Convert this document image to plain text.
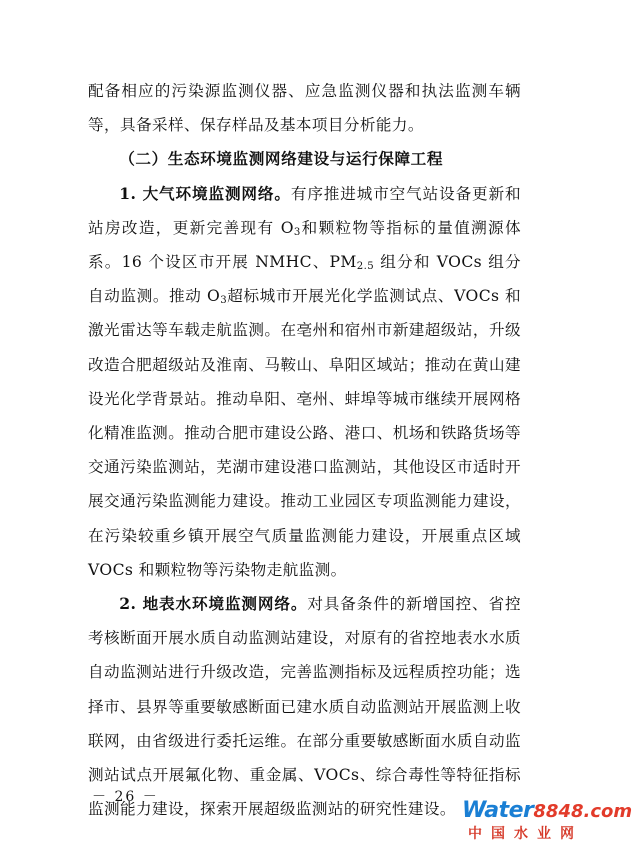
配备相应的污染源监测仪器、应急监测仪器和执法监测车辆等，具备采样、保存样品及基本项目分析能力。

（二）生态环境监测网络建设与运行保障工程

1. 大气环境监测网络。有序推进城市空气站设备更新和站房改造，更新完善现有 $O_3$和颗粒物等指标的量值溯源体系。16 个设区市开展 NMHC、$PM_{2.5}$ 组分和 VOCs 组分自动监测。推动 $O_3$超标城市开展光化学监测试点、VOCs 和激光雷达等车载走航监测。在亳州和宿州市新建超级站，升级改造合肥超级站及淮南、马鞍山、阜阳区域站；推动在黄山建设光化学背景站。推动阜阳、亳州、蚌埠等城市继续开展网格化精准监测。推动合肥市建设公路、港口、机场和铁路货场等交通污染监测站，芜湖市建设港口监测站，其他设区市适时开展交通污染监测能力建设。推动工业园区专项监测能力建设，在污染较重乡镇开展空气质量监测能力建设，开展重点区域 VOCs 和颗粒物等污染物走航监测。

2. 地表水环境监测网络。对具备条件的新增国控、省控考核断面开展水质自动监测站建设，对原有的省控地表水水质自动监测站进行升级改造，完善监测指标及远程质控功能；选择市、县界等重要敏感断面已建水质自动监测站开展监测上收联网，由省级进行委托运维。在部分重要敏感断面水质自动监测站试点开展氟化物、重金属、VOCs、综合毒性等特征指标监测能力建设，探索开展超级监测站的研究性建设。

－ 26 －
Water8848.com
中国水业网
